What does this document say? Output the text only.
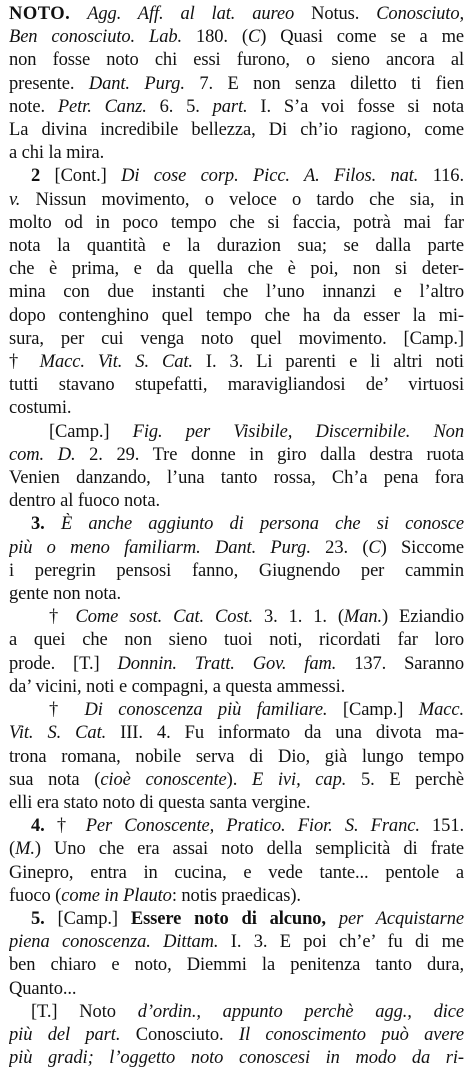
NOTO. Agg. Aff. al lat. aureo Notus. Conosciuto,
Ben conosciuto. Lab. 180. (C) Quasi come se a me
non fosse noto chi essi furono, o sieno ancora al
presente. Dant. Purg. 7. E non senza diletto ti fien
note. Petr. Canz. 6. 5. part. I. S’a voi fosse si nota
La divina incredibile bellezza, Di ch’io ragiono, come
a chi la mira.
2 [Cont.] Di cose corp. Picc. A. Filos. nat. 116.
v. Nissun movimento, o veloce o tardo che sia, in
molto od in poco tempo che si faccia, potrà mai far
nota la quantità e la durazion sua; se dalla parte
che è prima, e da quella che è poi, non si deter-
mina con due instanti che l’uno innanzi e l’altro
dopo contenghino quel tempo che ha da esser la mi-
sura, per cui venga noto quel movimento. [Camp.]
† Macc. Vit. S. Cat. I. 3. Li parenti e li altri noti
tutti stavano stupefatti, maravigliandosi de’ virtuosi
costumi.
[Camp.] Fig. per Visibile, Discernibile. Non
com. D. 2. 29. Tre donne in giro dalla destra ruota
Venien danzando, l’una tanto rossa, Ch’a pena fora
dentro al fuoco nota.
3. È anche aggiunto di persona che si conosce
più o meno familiarm. Dant. Purg. 23. (C) Siccome
i peregrin pensosi fanno, Giugnendo per cammin
gente non nota.
† Come sost. Cat. Cost. 3. 1. 1. (Man.) Eziandio
a quei che non sieno tuoi noti, ricordati far loro
prode. [T.] Donnin. Tratt. Gov. fam. 137. Saranno
da’ vicini, noti e compagni, a questa ammessi.
† Di conoscenza più familiare. [Camp.] Macc.
Vit. S. Cat. III. 4. Fu informato da una divota ma-
trona romana, nobile serva di Dio, già lungo tempo
sua nota (cioè conoscente). E ivi, cap. 5. E perchè
elli era stato noto di questa santa vergine.
4. † Per Conoscente, Pratico. Fior. S. Franc. 151.
(M.) Uno che era assai noto della semplicità di frate
Ginepro, entra in cucina, e vede tante... pentole a
fuoco (come in Plauto: notis praedicas).
5. [Camp.] Essere noto di alcuno, per Acquistarne
piena conoscenza. Dittam. I. 3. E poi ch’e’ fu di me
ben chiaro e noto, Diemmi la penitenza tanto dura,
Quanto...
[T.] Noto d’ordin., appunto perchè agg., dice
più del part. Conosciuto. Il conoscimento può avere
più gradi; l’oggetto noto conoscesi in modo da ri-
